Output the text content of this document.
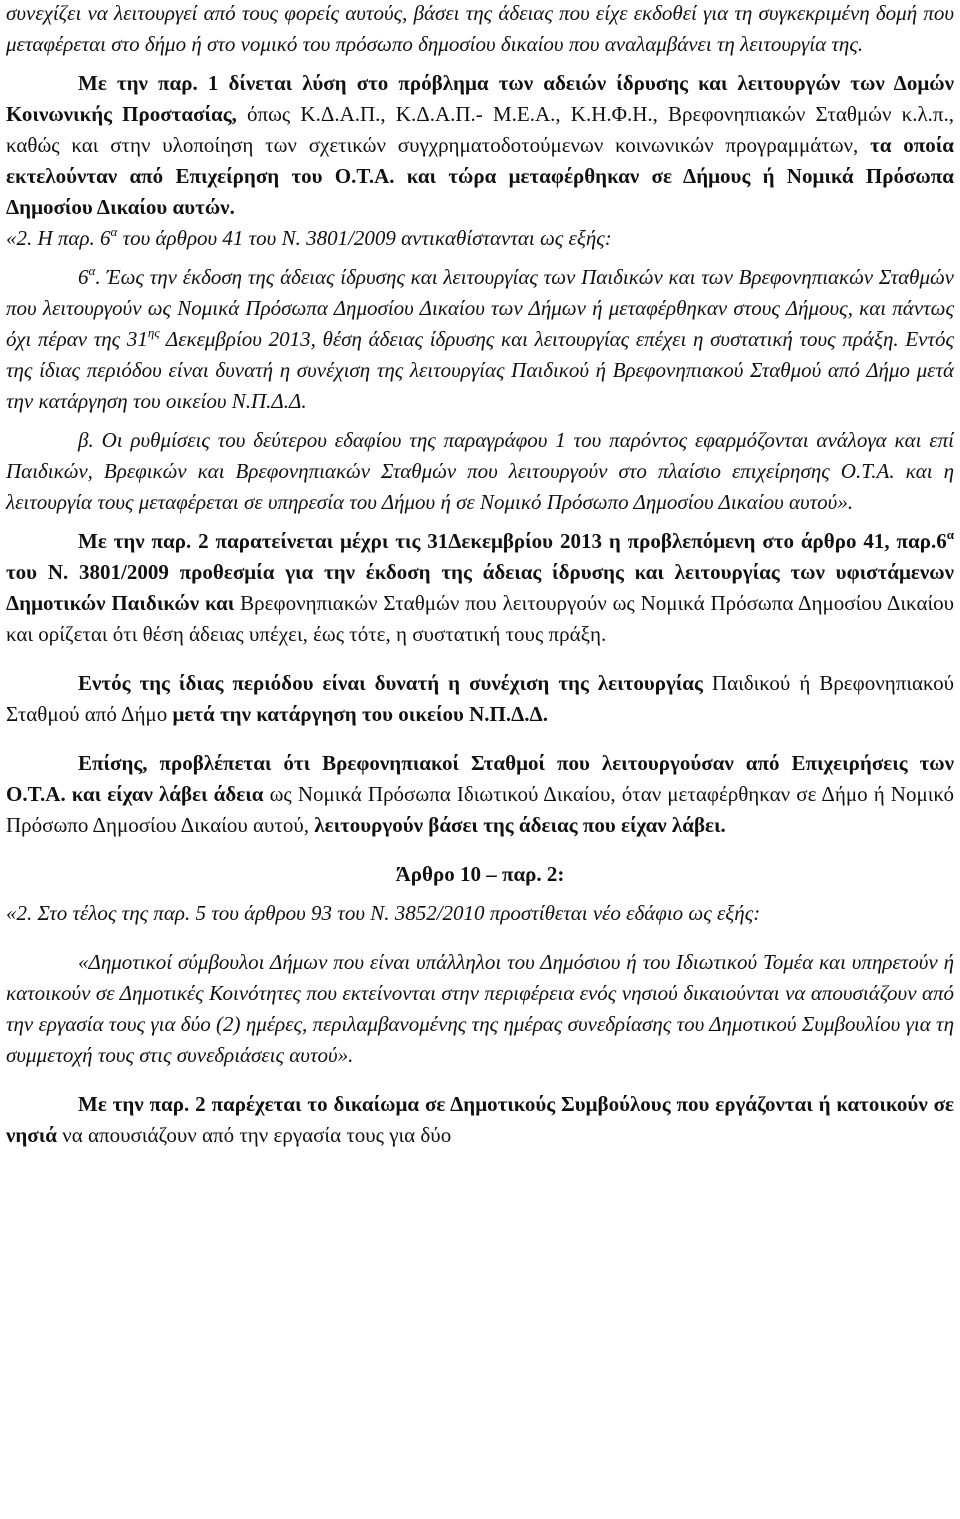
συνεχίζει να λειτουργεί από τους φορείς αυτούς, βάσει της άδειας που είχε εκδοθεί για τη συγκεκριμένη δομή που μεταφέρεται στο δήμο ή στο νομικό του πρόσωπο δημοσίου δικαίου που αναλαμβάνει τη λειτουργία της.

Με την παρ. 1 δίνεται λύση στο πρόβλημα των αδειών ίδρυσης και λειτουργών των Δομών Κοινωνικής Προστασίας, όπως Κ.Δ.Α.Π., Κ.Δ.Α.Π.- Μ.Ε.Α., Κ.Η.Φ.Η., Βρεφονηπιακών Σταθμών κ.λ.π., καθώς και στην υλοποίηση των σχετικών συγχρηματοδοτούμενων κοινωνικών προγραμμάτων, τα οποία εκτελούνταν από Επιχείρηση του Ο.Τ.Α. και τώρα μεταφέρθηκαν σε Δήμους ή Νομικά Πρόσωπα Δημοσίου Δικαίου αυτών.

«2. Η παρ. $6^\alpha$ του άρθρου 41 του Ν. 3801/2009 αντικαθίστανται ως εξής:

$6^\alpha$. Έως την έκδοση της άδειας ίδρυσης και λειτουργίας των Παιδικών και των Βρεφονηπιακών Σταθμών που λειτουργούν ως Νομικά Πρόσωπα Δημοσίου Δικαίου των Δήμων ή μεταφέρθηκαν στους Δήμους, και πάντως όχι πέραν της $31^{\eta\varsigma}$ Δεκεμβρίου 2013, θέση άδειας ίδρυσης και λειτουργίας επέχει η συστατική τους πράξη. Εντός της ίδιας περιόδου είναι δυνατή η συνέχιση της λειτουργίας Παιδικού ή Βρεφονηπιακού Σταθμού από Δήμο μετά την κατάργηση του οικείου Ν.Π.Δ.Δ.

β. Οι ρυθμίσεις του δεύτερου εδαφίου της παραγράφου 1 του παρόντος εφαρμόζονται ανάλογα και επί Παιδικών, Βρεφικών και Βρεφονηπιακών Σταθμών που λειτουργούν στο πλαίσιο επιχείρησης Ο.Τ.Α. και η λειτουργία τους μεταφέρεται σε υπηρεσία του Δήμου ή σε Νομικό Πρόσωπο Δημοσίου Δικαίου αυτού».

Με την παρ. 2 παρατείνεται μέχρι τις 31Δεκεμβρίου 2013 η προβλεπόμενη στο άρθρο 41, $\pi\alpha\rho.6^\alpha$ του Ν. 3801/2009 προθεσμία για την έκδοση της άδειας ίδρυσης και λειτουργίας των υφιστάμενων Δημοτικών Παιδικών και Βρεφονηπιακών Σταθμών που λειτουργούν ως Νομικά Πρόσωπα Δημοσίου Δικαίου και ορίζεται ότι θέση άδειας υπέχει, έως τότε, η συστατική τους πράξη.

Εντός της ίδιας περιόδου είναι δυνατή η συνέχιση της λειτουργίας Παιδικού ή Βρεφονηπιακού Σταθμού από Δήμο μετά την κατάργηση του οικείου Ν.Π.Δ.Δ.

Επίσης, προβλέπεται ότι Βρεφονηπιακοί Σταθμοί που λειτουργούσαν από Επιχειρήσεις των Ο.Τ.Α. και είχαν λάβει άδεια ως Νομικά Πρόσωπα Ιδιωτικού Δικαίου, όταν μεταφέρθηκαν σε Δήμο ή Νομικό Πρόσωπο Δημοσίου Δικαίου αυτού, λειτουργούν βάσει της άδειας που είχαν λάβει.

Άρθρο 10 – παρ. 2:

«2. Στο τέλος της παρ. 5 του άρθρου 93 του Ν. 3852/2010 προστίθεται νέο εδάφιο ως εξής:

«Δημοτικοί σύμβουλοι Δήμων που είναι υπάλληλοι του Δημόσιου ή του Ιδιωτικού Τομέα και υπηρετούν ή κατοικούν σε Δημοτικές Κοινότητες που εκτείνονται στην περιφέρεια ενός νησιού δικαιούνται να απουσιάζουν από την εργασία τους για δύο (2) ημέρες, περιλαμβανομένης της ημέρας συνεδρίασης του Δημοτικού Συμβουλίου για τη συμμετοχή τους στις συνεδριάσεις αυτού».

Με την παρ. 2 παρέχεται το δικαίωμα σε Δημοτικούς Συμβούλους που εργάζονται ή κατοικούν σε νησιά να απουσιάζουν από την εργασία τους για δύο
